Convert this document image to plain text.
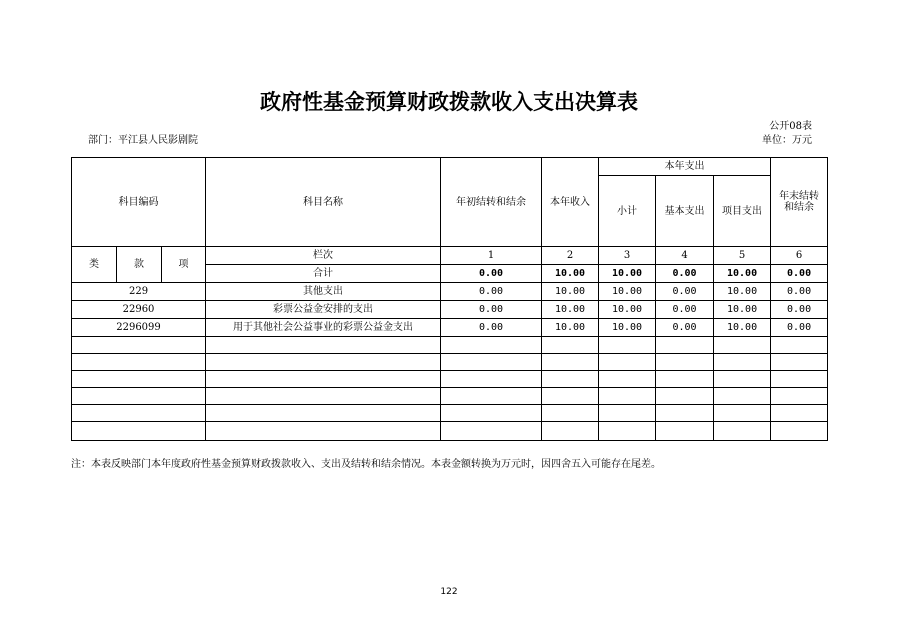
政府性基金预算财政拨款收入支出决算表
公开08表
单位：万元
部门：平江县人民影剧院
科目编码			科目名称	年初结转和结余	本年收入	本年支出			年末结转
和结余
						小计	基本支出	项目支出	

类	款	项	栏次	1	2	3	4	5	6
			合计	0.00	10.00	10.00	0.00	10.00	0.00
229			其他支出	0.00	10.00	10.00	0.00	10.00	0.00
22960			彩票公益金安排的支出	0.00	10.00	10.00	0.00	10.00	0.00
2296099			用于其他社会公益事业的彩票公益金支出	0.00	10.00	10.00	0.00	10.00	0.00

注：本表反映部门本年度政府性基金预算财政拨款收入、支出及结转和结余情况。本表金额转换为万元时，因四舍五入可能存在尾差。
122
